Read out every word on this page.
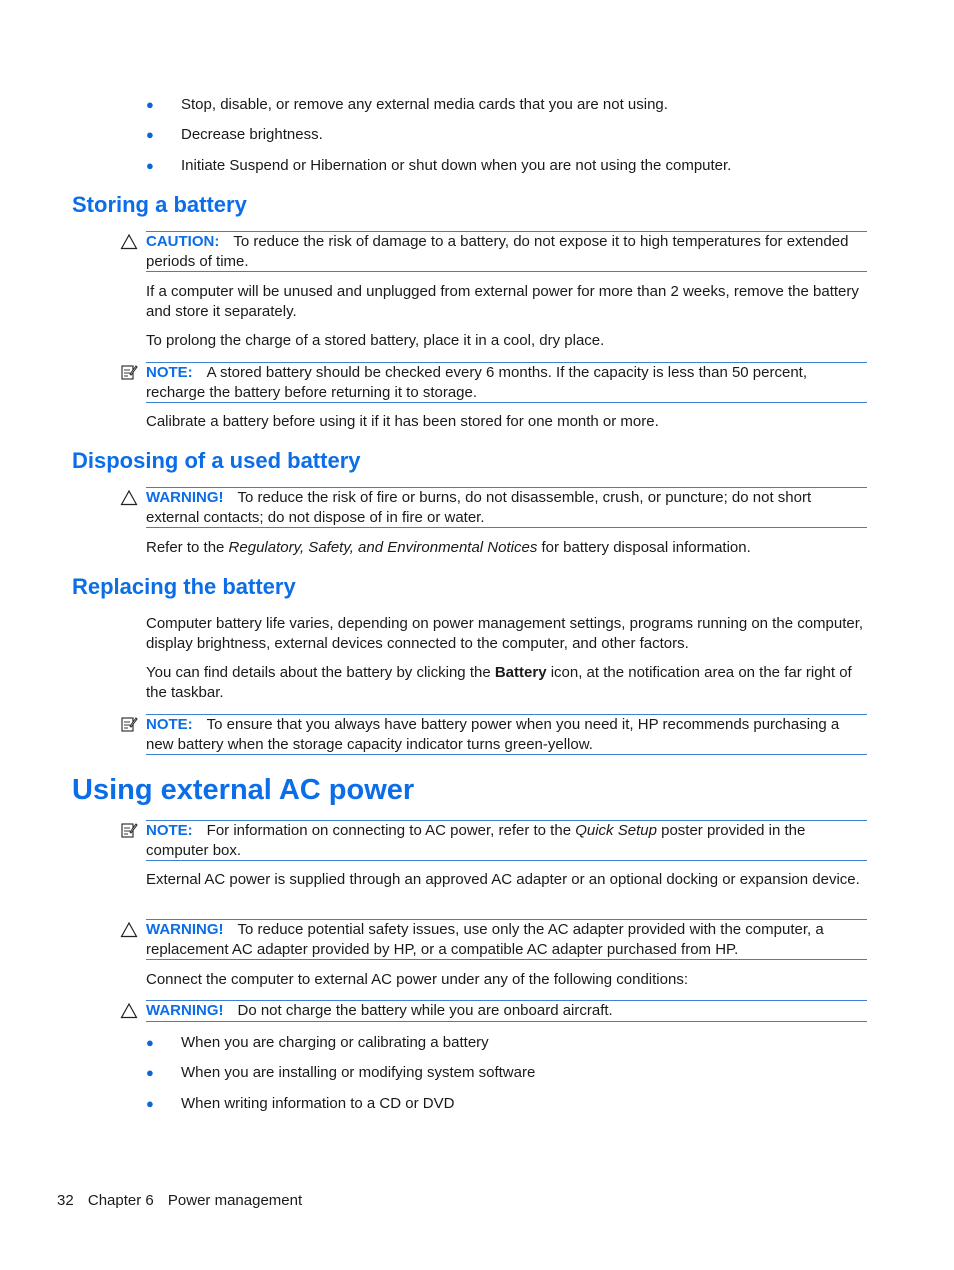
● Stop, disable, or remove any external media cards that you are not using.
● Decrease brightness.
● Initiate Suspend or Hibernation or shut down when you are not using the computer.
Storing a battery
CAUTION: To reduce the risk of damage to a battery, do not expose it to high temperatures for extended periods of time.
If a computer will be unused and unplugged from external power for more than 2 weeks, remove the battery and store it separately.
To prolong the charge of a stored battery, place it in a cool, dry place.
NOTE: A stored battery should be checked every 6 months. If the capacity is less than 50 percent, recharge the battery before returning it to storage.
Calibrate a battery before using it if it has been stored for one month or more.
Disposing of a used battery
WARNING! To reduce the risk of fire or burns, do not disassemble, crush, or puncture; do not short external contacts; do not dispose of in fire or water.
Refer to the Regulatory, Safety, and Environmental Notices for battery disposal information.
Replacing the battery
Computer battery life varies, depending on power management settings, programs running on the computer, display brightness, external devices connected to the computer, and other factors.
You can find details about the battery by clicking the Battery icon, at the notification area on the far right of the taskbar.
NOTE: To ensure that you always have battery power when you need it, HP recommends purchasing a new battery when the storage capacity indicator turns green-yellow.
Using external AC power
NOTE: For information on connecting to AC power, refer to the Quick Setup poster provided in the computer box.
External AC power is supplied through an approved AC adapter or an optional docking or expansion device.
WARNING! To reduce potential safety issues, use only the AC adapter provided with the computer, a replacement AC adapter provided by HP, or a compatible AC adapter purchased from HP.
Connect the computer to external AC power under any of the following conditions:
WARNING! Do not charge the battery while you are onboard aircraft.
● When you are charging or calibrating a battery
● When you are installing or modifying system software
● When writing information to a CD or DVD
32 Chapter 6 Power management
